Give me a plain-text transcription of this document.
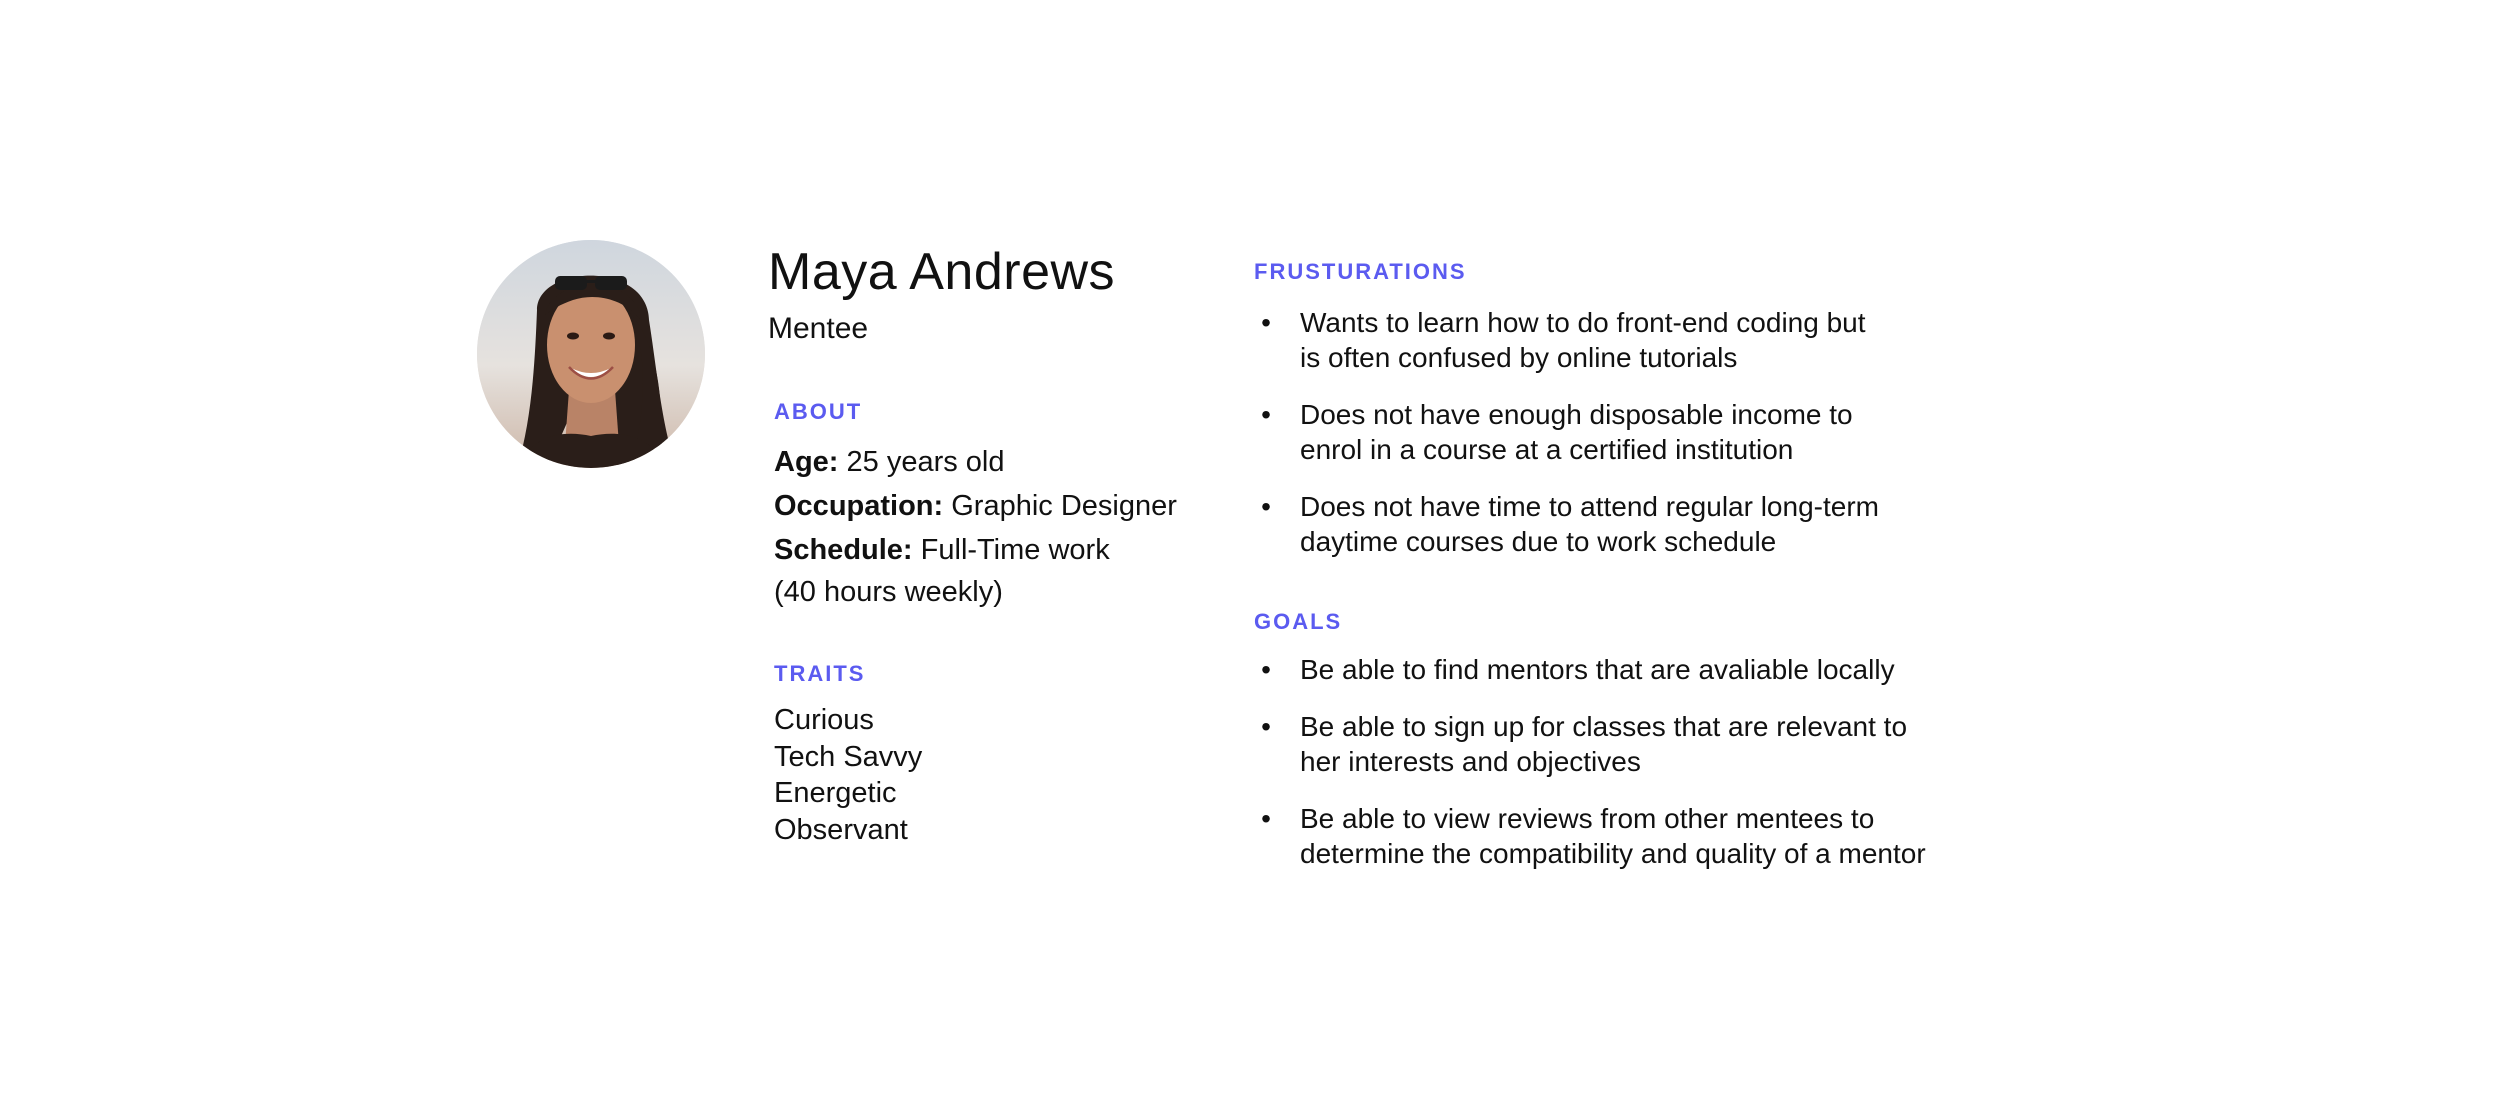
Maya Andrews
Mentee
ABOUT
Age: 25 years old
Occupation: Graphic Designer
Schedule: Full-Time work
(40 hours weekly)
TRAITS
Curious
Tech Savvy
Energetic
Observant
FRUSTURATIONS
• Wants to learn how to do front-end coding but
is often confused by online tutorials
• Does not have enough disposable income to
enrol in a course at a certified institution
• Does not have time to attend regular long-term
daytime courses due to work schedule
GOALS
• Be able to find mentors that are avaliable locally
• Be able to sign up for classes that are relevant to
her interests and objectives
• Be able to view reviews from other mentees to
determine the compatibility and quality of a mentor
